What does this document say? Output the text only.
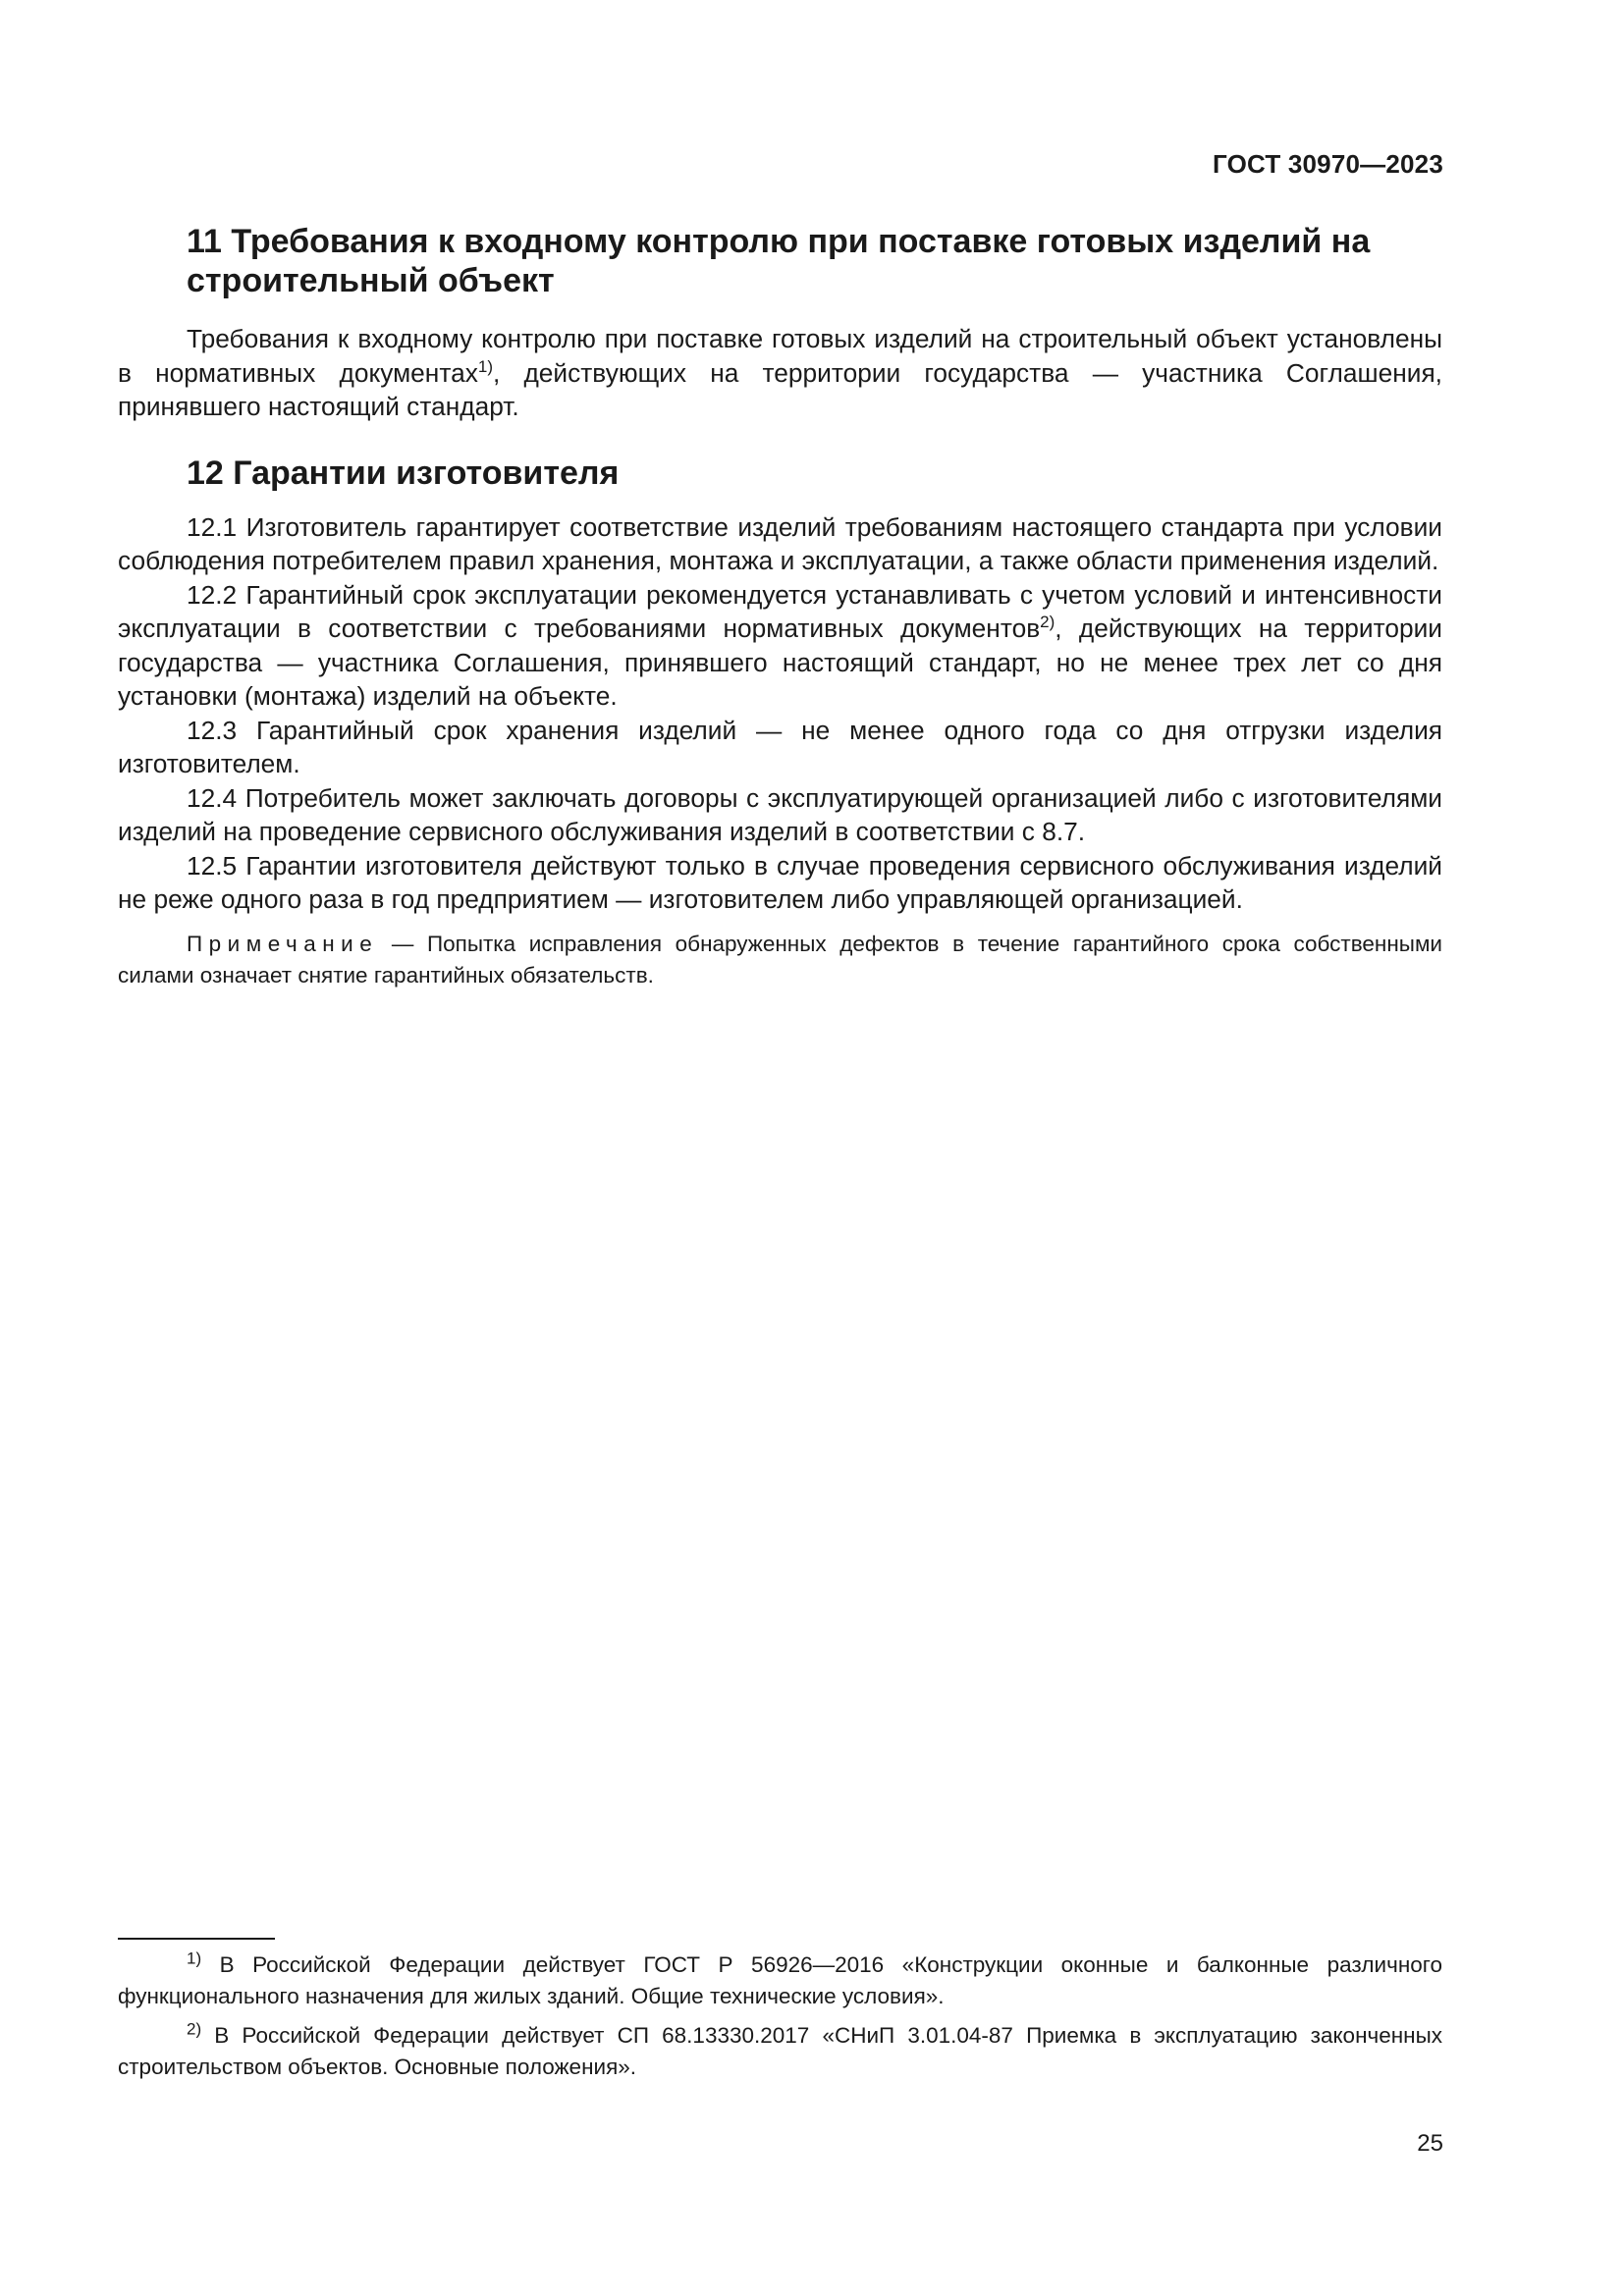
ГОСТ 30970—2023
11 Требования к входному контролю при поставке готовых изделий на строительный объект

Требования к входному контролю при поставке готовых изделий на строительный объект установлены в нормативных документах$^{1)}$, действующих на территории государства — участника Соглашения, принявшего настоящий стандарт.

12 Гарантии изготовителя

12.1 Изготовитель гарантирует соответствие изделий требованиям настоящего стандарта при условии соблюдения потребителем правил хранения, монтажа и эксплуатации, а также области применения изделий.

12.2 Гарантийный срок эксплуатации рекомендуется устанавливать с учетом условий и интенсивности эксплуатации в соответствии с требованиями нормативных документов$^{2)}$, действующих на территории государства — участника Соглашения, принявшего настоящий стандарт, но не менее трех лет со дня установки (монтажа) изделий на объекте.

12.3 Гарантийный срок хранения изделий — не менее одного года со дня отгрузки изделия изготовителем.

12.4 Потребитель может заключать договоры с эксплуатирующей организацией либо с изготовителями изделий на проведение сервисного обслуживания изделий в соответствии с 8.7.

12.5 Гарантии изготовителя действуют только в случае проведения сервисного обслуживания изделий не реже одного раза в год предприятием — изготовителем либо управляющей организацией.

Примечание — Попытка исправления обнаруженных дефектов в течение гарантийного срока собственными силами означает снятие гарантийных обязательств.

$^{1)}$ В Российской Федерации действует ГОСТ Р 56926—2016 «Конструкции оконные и балконные различного функционального назначения для жилых зданий. Общие технические условия».

$^{2)}$ В Российской Федерации действует СП 68.13330.2017 «СНиП 3.01.04-87 Приемка в эксплуатацию законченных строительством объектов. Основные положения».

25
